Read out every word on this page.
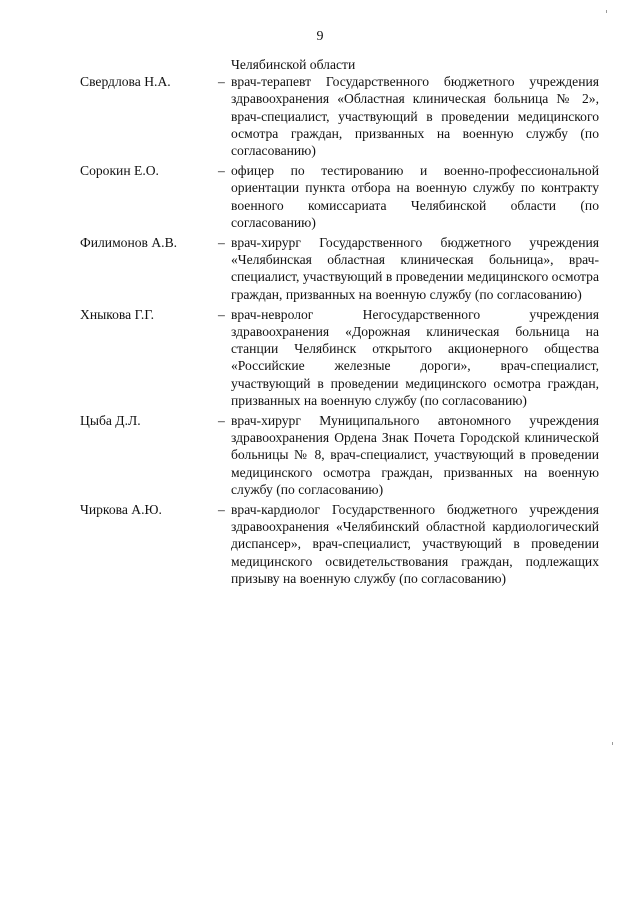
9
Челябинской области
Свердлова Н.А.	– врач-терапевт Государственного бюджетного учреждения здравоохранения «Областная клиническая больница № 2», врач-специалист, участвующий в проведении медицинского осмотра граждан, призванных на военную службу (по согласованию)
Сорокин Е.О.	– офицер по тестированию и военно-профессиональной ориентации пункта отбора на военную службу по контракту военного комиссариата Челябинской области (по согласованию)
Филимонов А.В.	– врач-хирург Государственного бюджетного учреждения «Челябинская областная клиническая больница», врач-специалист, участвующий в проведении медицинского осмотра граждан, призванных на военную службу (по согласованию)
Хныкова Г.Г.	– врач-невролог Негосударственного учреждения здравоохранения «Дорожная клиническая больница на станции Челябинск открытого акционерного общества «Российские железные дороги», врач-специалист, участвующий в проведении медицинского осмотра граждан, призванных на военную службу (по согласованию)
Цыба Д.Л.	– врач-хирург Муниципального автономного учреждения здравоохранения Ордена Знак Почета Городской клинической больницы № 8, врач-специалист, участвующий в проведении медицинского осмотра граждан, призванных на военную службу (по согласованию)
Чиркова А.Ю.	– врач-кардиолог Государственного бюджетного учреждения здравоохранения «Челябинский областной кардиологический диспансер», врач-специалист, участвующий в проведении медицинского освидетельствования граждан, подлежащих призыву на военную службу (по согласованию)
